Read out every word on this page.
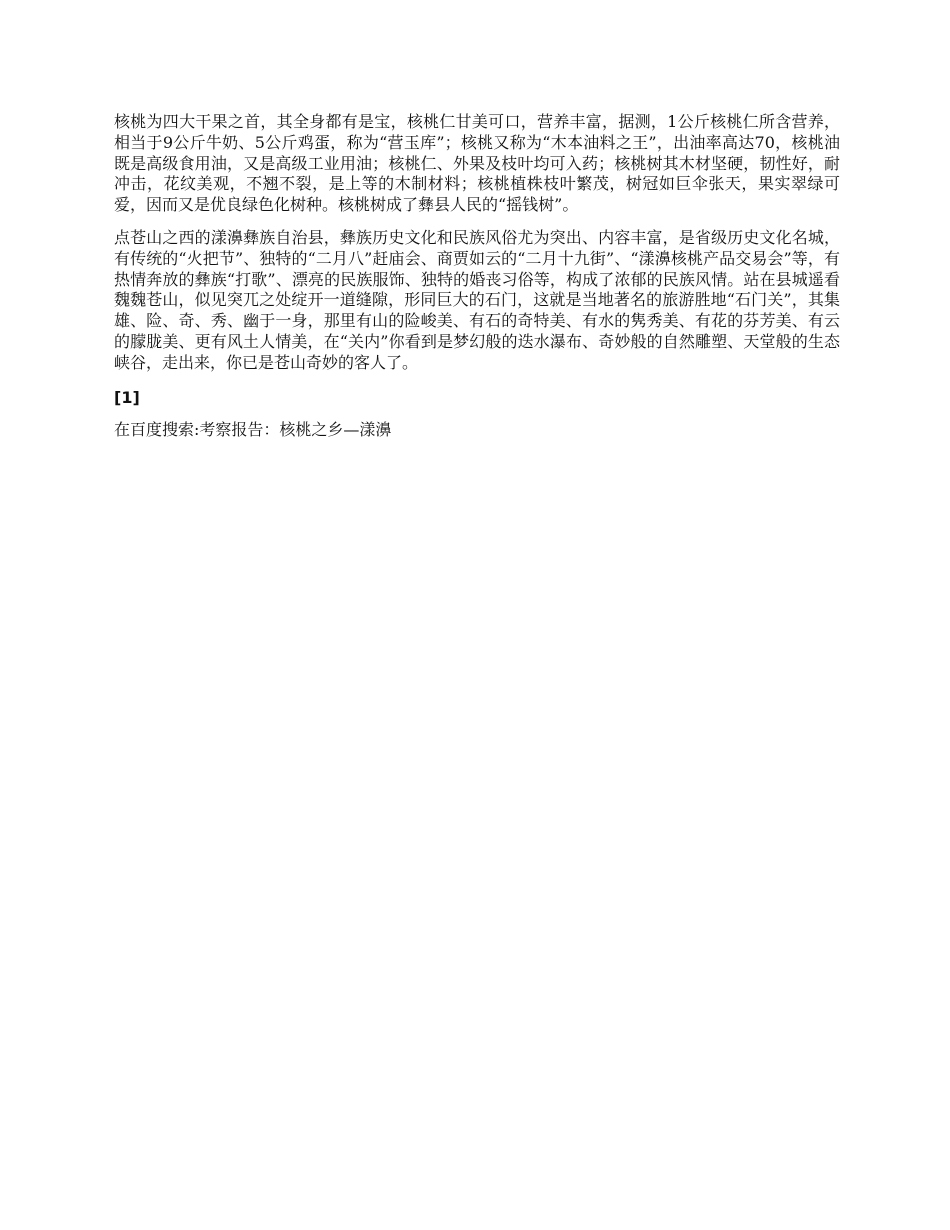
核桃为四大干果之首，其全身都有是宝，核桃仁甘美可口，营养丰富，据测，1公斤核桃仁所含营养，相当于9公斤牛奶、5公斤鸡蛋，称为“营玉库”；核桃又称为“木本油料之王”，出油率高达70，核桃油既是高级食用油，又是高级工业用油；核桃仁、外果及枝叶均可入药；核桃树其木材坚硬，韧性好，耐冲击，花纹美观，不翘不裂，是上等的木制材料；核桃植株枝叶繁茂，树冠如巨伞张天，果实翠绿可爱，因而又是优良绿色化树种。核桃树成了彝县人民的“摇钱树”。

点苍山之西的漾濞彝族自治县，彝族历史文化和民族风俗尤为突出、内容丰富，是省级历史文化名城，有传统的“火把节”、独特的“二月八”赶庙会、商贾如云的“二月十九街”、“漾濞核桃产品交易会”等，有热情奔放的彝族“打歌”、漂亮的民族服饰、独特的婚丧习俗等，构成了浓郁的民族风情。站在县城遥看魏魏苍山，似见突兀之处绽开一道缝隙，形同巨大的石门，这就是当地著名的旅游胜地“石门关”，其集雄、险、奇、秀、幽于一身，那里有山的险峻美、有石的奇特美、有水的隽秀美、有花的芬芳美、有云的朦胧美、更有风土人情美，在“关内”你看到是梦幻般的迭水瀑布、奇妙般的自然雕塑、天堂般的生态峡谷，走出来，你已是苍山奇妙的客人了。

[1]
在百度搜索:考察报告：核桃之乡—漾濞
